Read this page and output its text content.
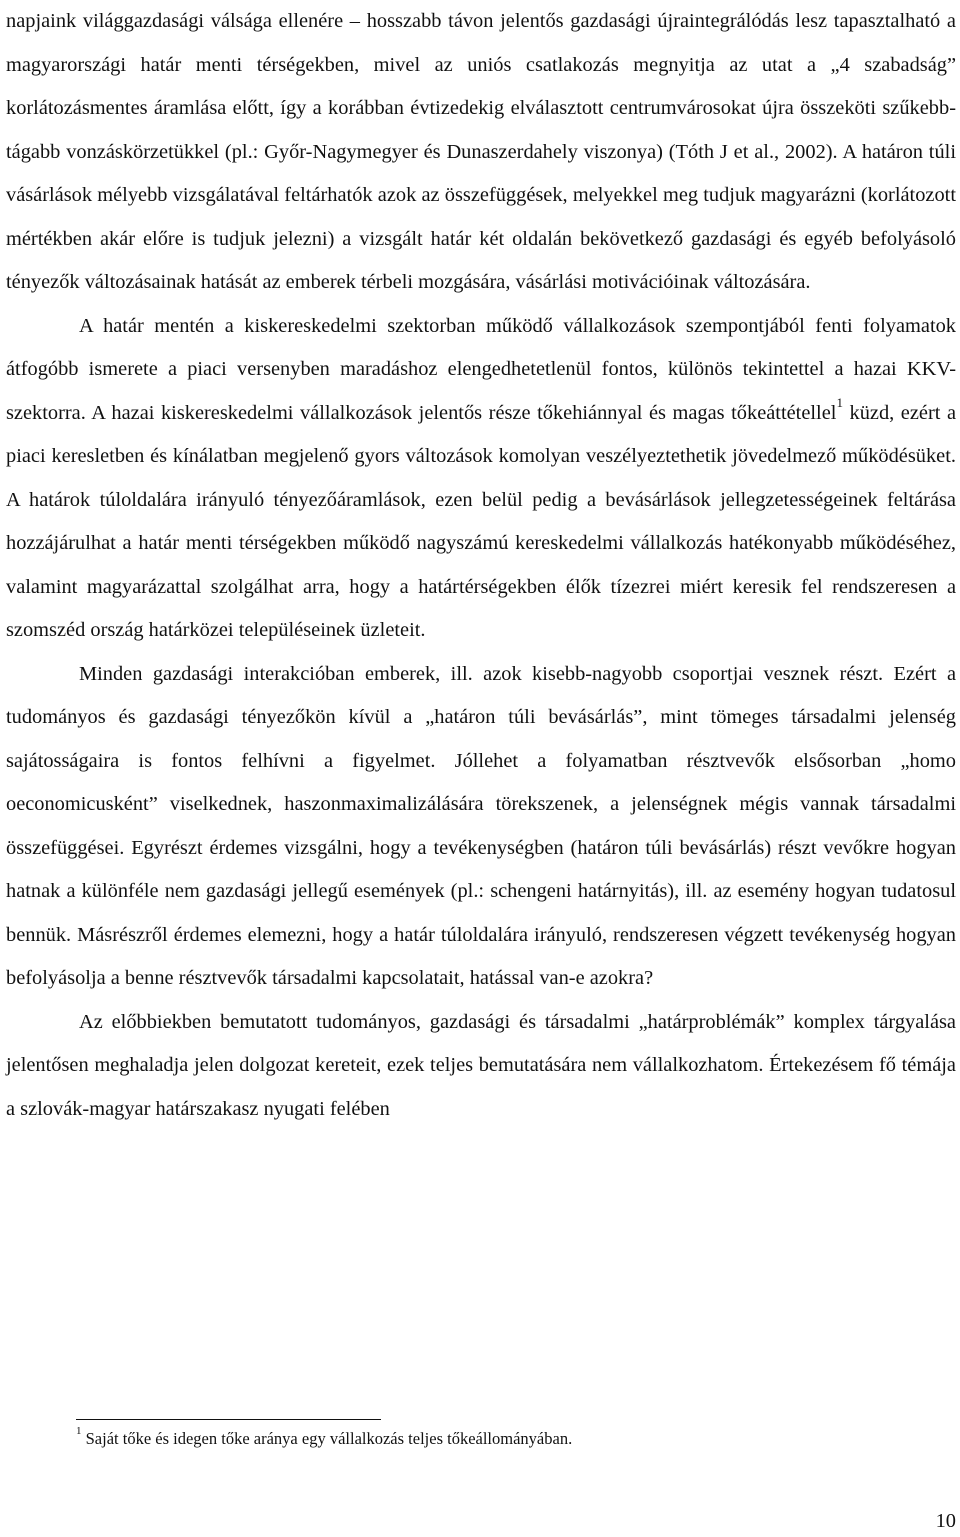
napjaink világgazdasági válsága ellenére – hosszabb távon jelentős gazdasági újraintegrálódás lesz tapasztalható a magyarországi határ menti térségekben, mivel az uniós csatlakozás megnyitja az utat a „4 szabadság” korlátozásmentes áramlása előtt, így a korábban évtizedekig elválasztott centrumvárosokat újra összeköti szűkebb-tágabb vonzáskörzetükkel (pl.: Győr-Nagymegyer és Dunaszerdahely viszonya) (Tóth J et al., 2002). A határon túli vásárlások mélyebb vizsgálatával feltárhatók azok az összefüggések, melyekkel meg tudjuk magyarázni (korlátozott mértékben akár előre is tudjuk jelezni) a vizsgált határ két oldalán bekövetkező gazdasági és egyéb befolyásoló tényezők változásainak hatását az emberek térbeli mozgására, vásárlási motivációinak változására.

A határ mentén a kiskereskedelmi szektorban működő vállalkozások szempontjából fenti folyamatok átfogóbb ismerete a piaci versenyben maradáshoz elengedhetetlenül fontos, különös tekintettel a hazai KKV-szektorra. A hazai kiskereskedelmi vállalkozások jelentős része tőkehiánnyal és magas tőkeáttétellel$^1$ küzd, ezért a piaci keresletben és kínálatban megjelenő gyors változások komolyan veszélyeztethetik jövedelmező működésüket. A határok túloldalára irányuló tényezőáramlások, ezen belül pedig a bevásárlások jellegzetességeinek feltárása hozzájárulhat a határ menti térségekben működő nagyszámú kereskedelmi vállalkozás hatékonyabb működéséhez, valamint magyarázattal szolgálhat arra, hogy a határtérségekben élők tízezrei miért keresik fel rendszeresen a szomszéd ország határközei településeinek üzleteit.

Minden gazdasági interakcióban emberek, ill. azok kisebb-nagyobb csoportjai vesznek részt. Ezért a tudományos és gazdasági tényezőkön kívül a „határon túli bevásárlás”, mint tömeges társadalmi jelenség sajátosságaira is fontos felhívni a figyelmet. Jóllehet a folyamatban résztvevők elsősorban „homo oeconomicusként” viselkednek, haszonmaximalizálására törekszenek, a jelenségnek mégis vannak társadalmi összefüggései. Egyrészt érdemes vizsgálni, hogy a tevékenységben (határon túli bevásárlás) részt vevőkre hogyan hatnak a különféle nem gazdasági jellegű események (pl.: schengeni határnyitás), ill. az esemény hogyan tudatosul bennük. Másrészről érdemes elemezni, hogy a határ túloldalára irányuló, rendszeresen végzett tevékenység hogyan befolyásolja a benne résztvevők társadalmi kapcsolatait, hatással van-e azokra?

Az előbbiekben bemutatott tudományos, gazdasági és társadalmi „határproblémák” komplex tárgyalása jelentősen meghaladja jelen dolgozat kereteit, ezek teljes bemutatására nem vállalkozhatom. Értekezésem fő témája a szlovák-magyar határszakasz nyugati felében

$^1$ Saját tőke és idegen tőke aránya egy vállalkozás teljes tőkeállományában.
10
